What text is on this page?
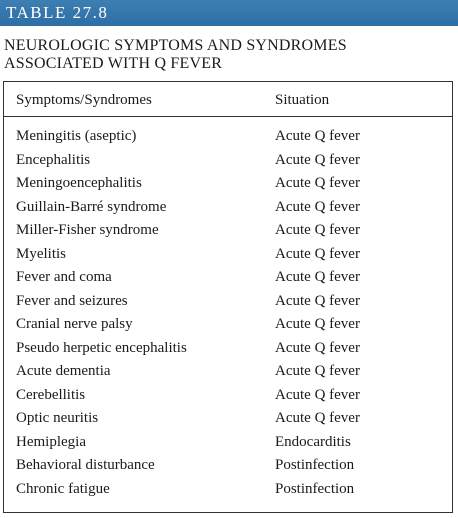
TABLE 27.8
NEUROLOGIC SYMPTOMS AND SYNDROMES
ASSOCIATED WITH Q FEVER
Symptoms/Syndromes	Situation
Meningitis (aseptic)	Acute Q fever
Encephalitis	Acute Q fever
Meningoencephalitis	Acute Q fever
Guillain-Barré syndrome	Acute Q fever
Miller-Fisher syndrome	Acute Q fever
Myelitis	Acute Q fever
Fever and coma	Acute Q fever
Fever and seizures	Acute Q fever
Cranial nerve palsy	Acute Q fever
Pseudo herpetic encephalitis	Acute Q fever
Acute dementia	Acute Q fever
Cerebellitis	Acute Q fever
Optic neuritis	Acute Q fever
Hemiplegia	Endocarditis
Behavioral disturbance	Postinfection
Chronic fatigue	Postinfection
